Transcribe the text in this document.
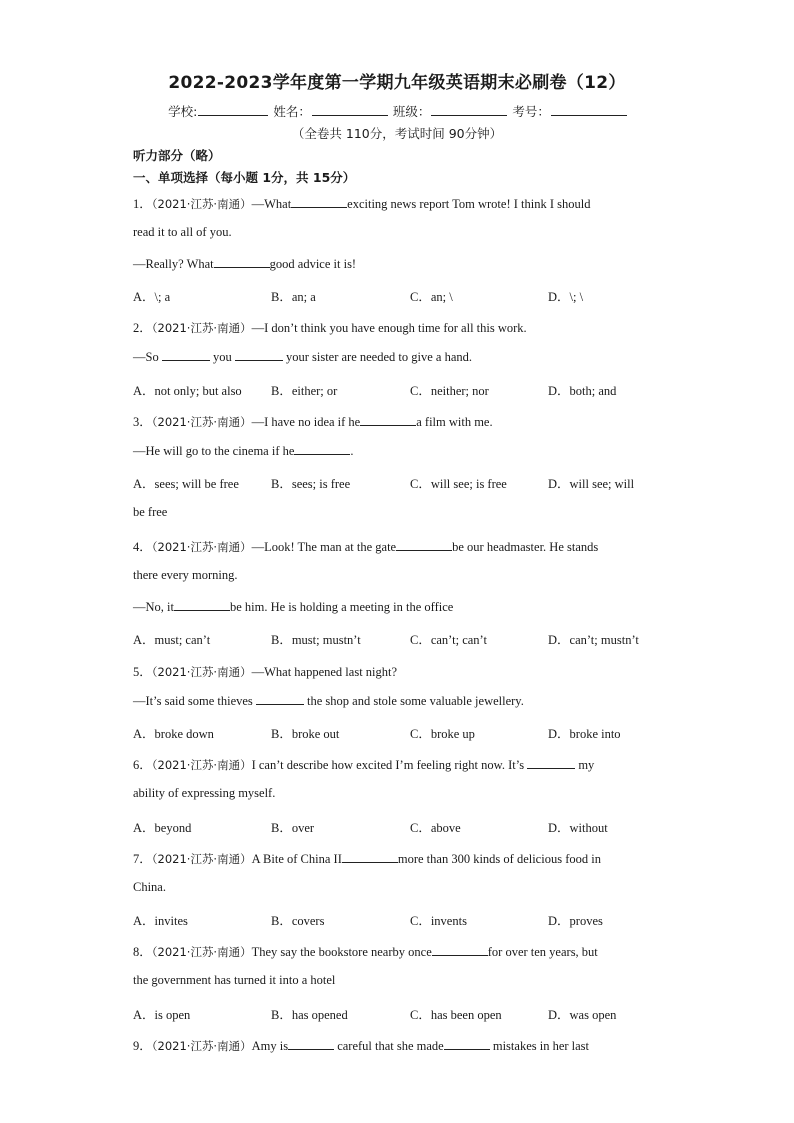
2022-2023学年度第一学期九年级英语期末必刷卷（12）
学校:	姓名：	班级：	考号：
（全卷共 110分，考试时间 90分钟）
听力部分（略）
一、单项选择（每小题 1分，共 15分）
1．（2021·江苏·南通）—What	exciting news report Tom wrote! I think I should
read it to all of you.
—Really? What	good advice it is!
A．\; a	B．an; a	C．an; \	D．\; \
2．（2021·江苏·南通）—I don’t think you have enough time for all this work.
—So	you	your sister are needed to give a hand.
A．not only; but also B．either; or	C．neither; nor	D．both; and
3．（2021·江苏·南通）—I have no idea if he	a film with me.
—He will go to the cinema if he	.
A．sees; will be free	B．sees; is free	C．will see; is free	D．will see; will
be free
4．（2021·江苏·南通）—Look! The man at the gate	be our headmaster. He stands
there every morning.
—No, it	be him. He is holding a meeting in the office
A．must; can’t	B．must; mustn’t	C．can’t; can’t	D．can’t; mustn’t
5．（2021·江苏·南通）—What happened last night?
—It’s said some thieves	the shop and stole some valuable jewellery.
A．broke down	B．broke out	C．broke up	D．broke into
6．（2021·江苏·南通）I can’t describe how excited I’m feeling right now. It’s	my
ability of expressing myself.
A．beyond	B．over	C．above	D．without
7．（2021·江苏·南通）A Bite of China II	more than 300 kinds of delicious food in
China.
A．invites	B．covers	C．invents	D．proves
8．（2021·江苏·南通）They say the bookstore nearby once	for over ten years, but
the government has turned it into a hotel
A．is open	B．has opened	C．has been open	D．was open
9．（2021·江苏·南通）Amy is	careful that she made	mistakes in her last
